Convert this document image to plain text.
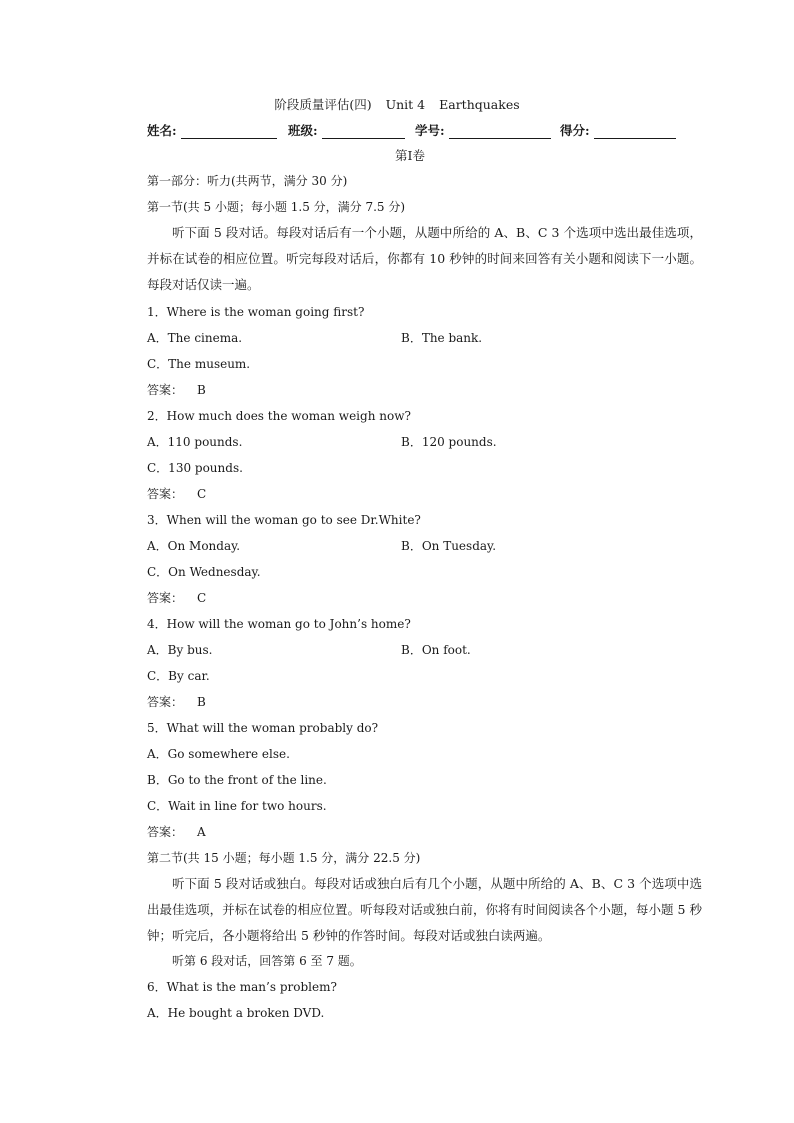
阶段质量评估(四) Unit 4 Earthquakes
姓名:	班级:	学号:	得分:
第Ⅰ卷
第一部分：听力(共两节，满分 30 分)
第一节(共 5 小题；每小题 1.5 分，满分 7.5 分)
听下面 5 段对话。每段对话后有一个小题，从题中所给的 A、B、C 3 个选项中选出最佳选项，并标在试卷的相应位置。听完每段对话后，你都有 10 秒钟的时间来回答有关小题和阅读下一小题。每段对话仅读一遍。
1．Where is the woman going first?
A．The cinema.	B．The bank.
C．The museum.
答案： B
2．How much does the woman weigh now?
A．110 pounds.	B．120 pounds.
C．130 pounds.
答案： C
3．When will the woman go to see Dr.White?
A．On Monday.	B．On Tuesday.
C．On Wednesday.
答案： C
4．How will the woman go to John’s home?
A．By bus.	B．On foot.
C．By car.
答案： B
5．What will the woman probably do?
A．Go somewhere else.
B．Go to the front of the line.
C．Wait in line for two hours.
答案： A
第二节(共 15 小题；每小题 1.5 分，满分 22.5 分)
听下面 5 段对话或独白。每段对话或独白后有几个小题，从题中所给的 A、B、C 3 个选项中选出最佳选项，并标在试卷的相应位置。听每段对话或独白前，你将有时间阅读各个小题，每小题 5 秒钟；听完后，各小题将给出 5 秒钟的作答时间。每段对话或独白读两遍。
听第 6 段对话，回答第 6 至 7 题。
6．What is the man’s problem?
A．He bought a broken DVD.
